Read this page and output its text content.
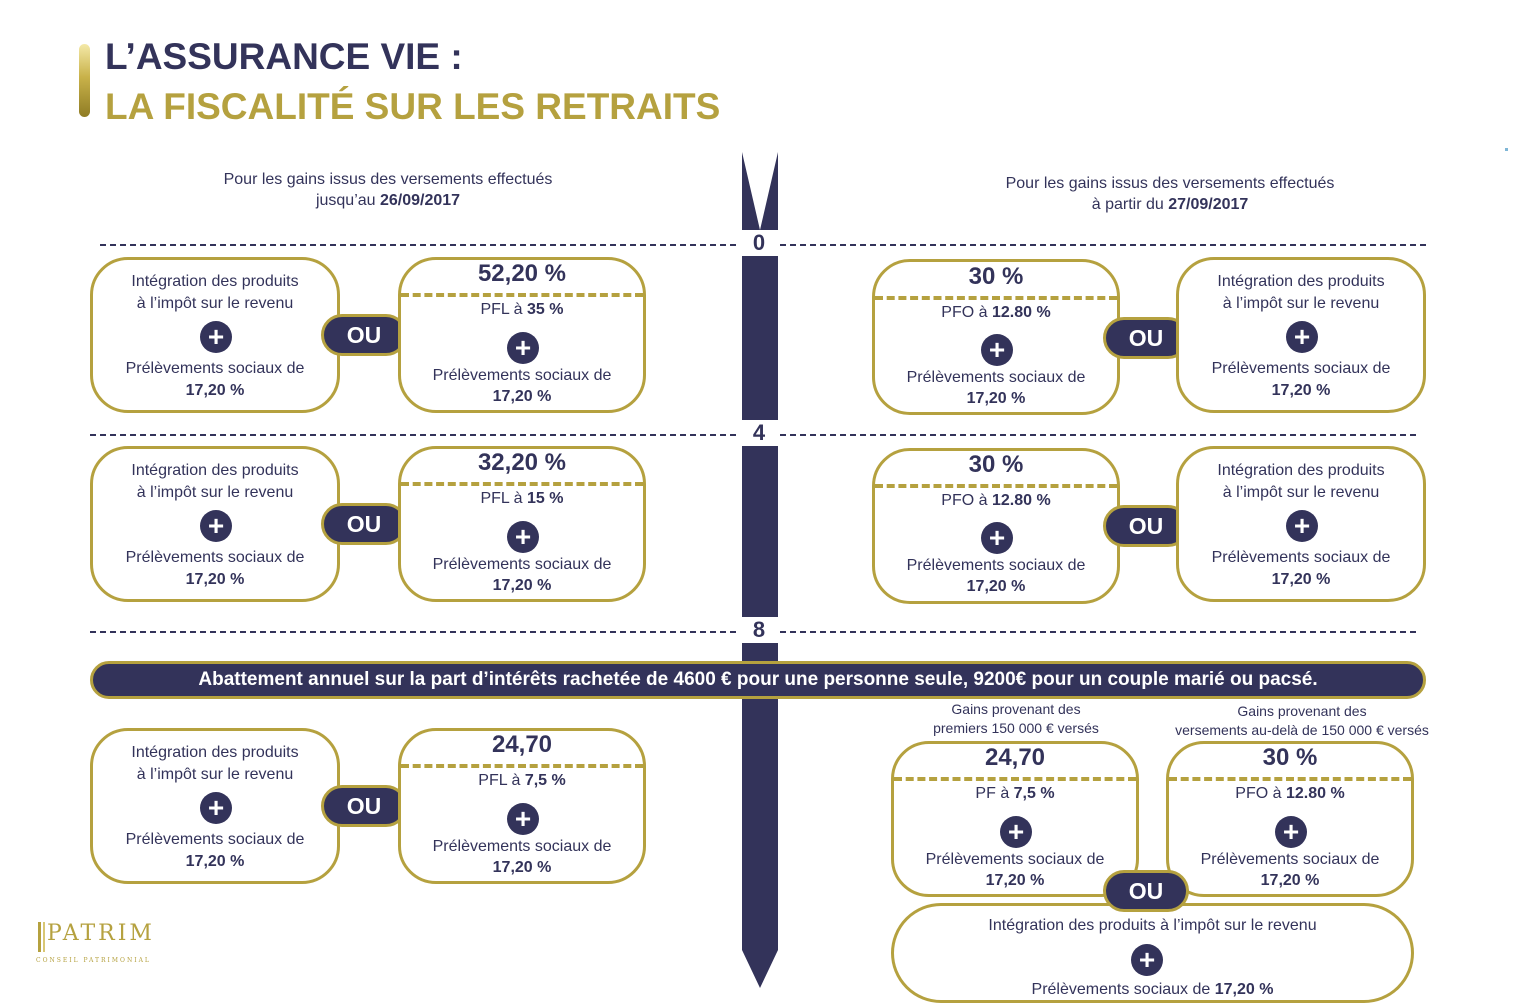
L’ASSURANCE VIE :
LA FISCALITÉ SUR LES RETRAITS
Pour les gains issus des versements effectués
jusqu’au 26/09/2017
Pour les gains issus des versements effectués
à partir du 27/09/2017
0
4
8
Intégration des produits
à l’impôt sur le revenu
+
Prélèvements sociaux de
17,20 %
OU
52,20 %
PFL à 35 %
+
Prélèvements sociaux de
17,20 %
30 %
PFO à 12.80 %
+
Prélèvements sociaux de
17,20 %
OU
Intégration des produits
à l’impôt sur le revenu
+
Prélèvements sociaux de
17,20 %
Intégration des produits
à l’impôt sur le revenu
+
Prélèvements sociaux de
17,20 %
OU
32,20 %
PFL à 15 %
+
Prélèvements sociaux de
17,20 %
30 %
PFO à 12.80 %
+
Prélèvements sociaux de
17,20 %
OU
Intégration des produits
à l’impôt sur le revenu
+
Prélèvements sociaux de
17,20 %
Abattement annuel sur la part d’intérêts rachetée de 4600 € pour une personne seule, 9200€ pour un couple marié ou pacsé.
Intégration des produits
à l’impôt sur le revenu
+
Prélèvements sociaux de
17,20 %
OU
24,70
PFL à 7,5 %
+
Prélèvements sociaux de
17,20 %
Gains provenant des
premiers 150 000 € versés
Gains provenant des
versements au-delà de 150 000 € versés
24,70
PF à 7,5 %
+
Prélèvements sociaux de
17,20 %
30 %
PFO à 12.80 %
+
Prélèvements sociaux de
17,20 %
Intégration des produits à l’impôt sur le revenu
+
Prélèvements sociaux de 17,20 %
OU
PATRIM
CONSEIL PATRIMONIAL
